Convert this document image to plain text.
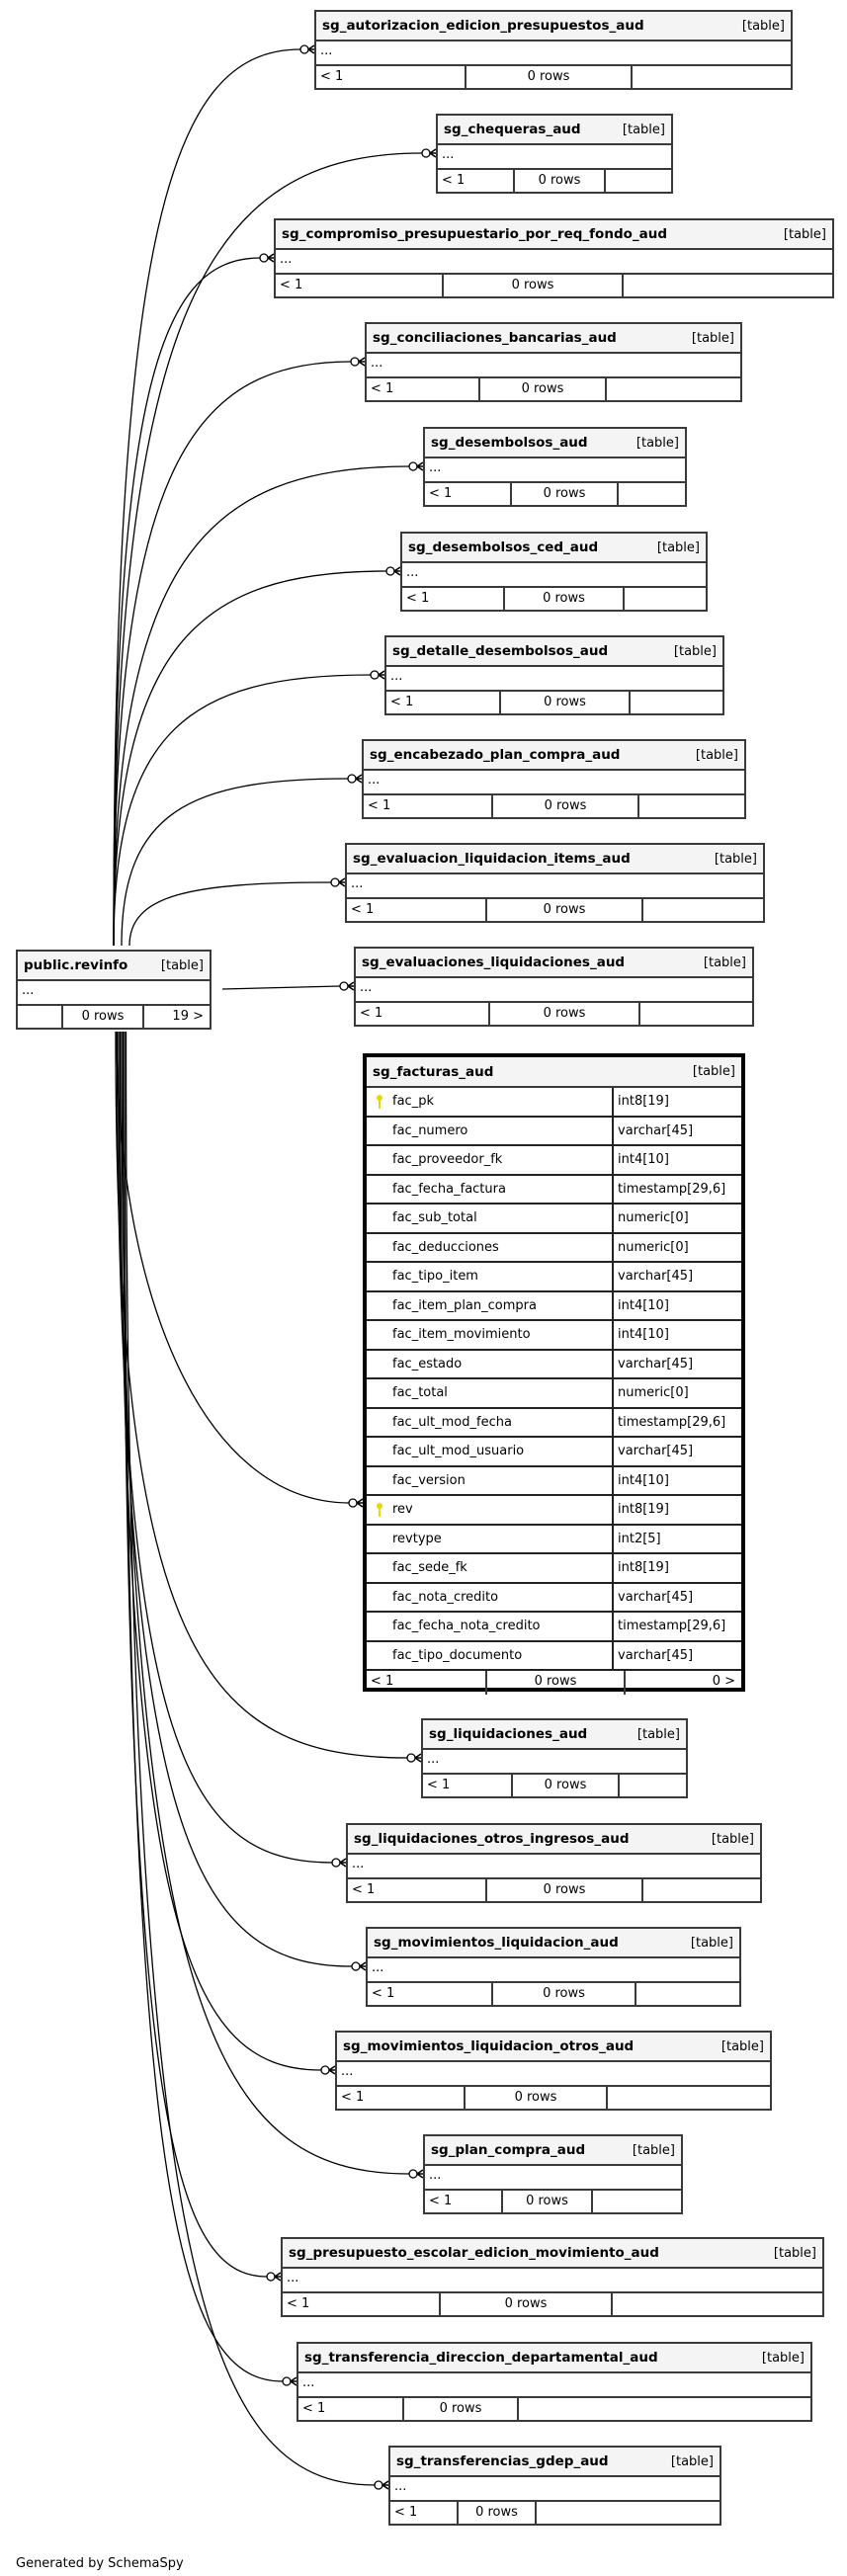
sg_autorizacion_edicion_presupuestos_aud	[table]
...
< 1	0 rows
sg_chequeras_aud	[table]
...
< 1	0 rows
sg_compromiso_presupuestario_por_req_fondo_aud	[table]
...
< 1	0 rows
sg_conciliaciones_bancarias_aud	[table]
...
< 1	0 rows
sg_desembolsos_aud	[table]
...
< 1	0 rows
sg_desembolsos_ced_aud	[table]
...
< 1	0 rows
sg_detalle_desembolsos_aud	[table]
...
< 1	0 rows
sg_encabezado_plan_compra_aud	[table]
...
< 1	0 rows
sg_evaluacion_liquidacion_items_aud	[table]
...
< 1	0 rows
sg_evaluaciones_liquidaciones_aud	[table]
...
< 1	0 rows
sg_liquidaciones_aud	[table]
...
< 1	0 rows
sg_liquidaciones_otros_ingresos_aud	[table]
...
< 1	0 rows
sg_movimientos_liquidacion_aud	[table]
...
< 1	0 rows
sg_movimientos_liquidacion_otros_aud	[table]
...
< 1	0 rows
sg_plan_compra_aud	[table]
...
< 1	0 rows
sg_presupuesto_escolar_edicion_movimiento_aud	[table]
...
< 1	0 rows
sg_transferencia_direccion_departamental_aud	[table]
...
< 1	0 rows
sg_transferencias_gdep_aud	[table]
...
< 1	0 rows
public.revinfo	[table]
...
0 rows	19 >
sg_facturas_aud	[table]
fac_pk	int8[19]
fac_numero	varchar[45]
fac_proveedor_fk	int4[10]
fac_fecha_factura	timestamp[29,6]
fac_sub_total	numeric[0]
fac_deducciones	numeric[0]
fac_tipo_item	varchar[45]
fac_item_plan_compra	int4[10]
fac_item_movimiento	int4[10]
fac_estado	varchar[45]
fac_total	numeric[0]
fac_ult_mod_fecha	timestamp[29,6]
fac_ult_mod_usuario	varchar[45]
fac_version	int4[10]
rev	int8[19]
revtype	int2[5]
fac_sede_fk	int8[19]
fac_nota_credito	varchar[45]
fac_fecha_nota_credito	timestamp[29,6]
fac_tipo_documento	varchar[45]
< 1	0 rows	0 >
Generated by SchemaSpy
